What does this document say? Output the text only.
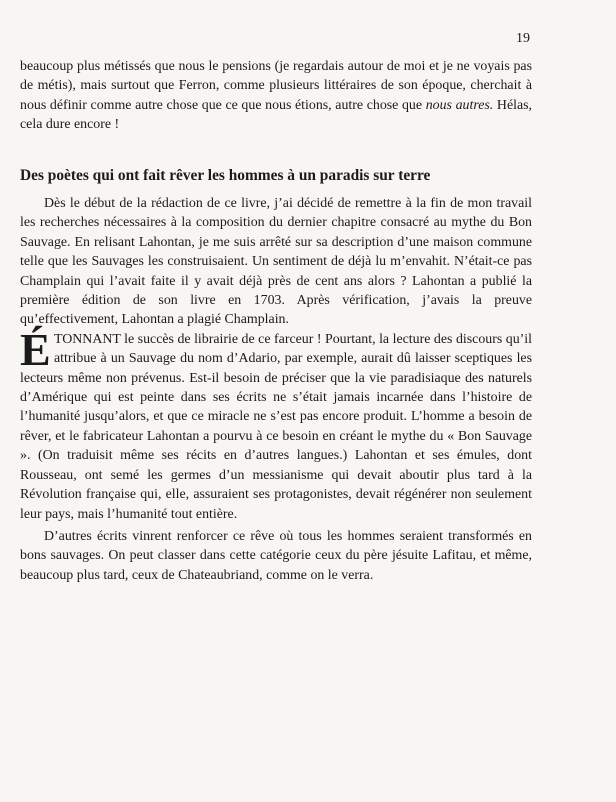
19

beaucoup plus métissés que nous le pensions (je regardais autour de moi et je ne voyais pas de métis), mais surtout que Ferron, comme plusieurs littéraires de son époque, cherchait à nous définir comme autre chose que ce que nous étions, autre chose que nous autres. Hélas, cela dure encore !

Des poètes qui ont fait rêver les hommes à un paradis sur terre

Dès le début de la rédaction de ce livre, j’ai décidé de remettre à la fin de mon travail les recherches nécessaires à la composition du dernier chapitre consacré au mythe du Bon Sauvage. En relisant Lahontan, je me suis arrêté sur sa description d’une maison commune telle que les Sauvages les construisaient. Un sentiment de déjà lu m’envahit. N’était-ce pas Champlain qui l’avait faite il y avait déjà près de cent ans alors ? Lahontan a publié la première édition de son livre en 1703. Après vérification, j’avais la preuve qu’effectivement, Lahontan a plagié Champlain.

É TONNANT le succès de librairie de ce farceur ! Pourtant, la lecture des discours qu’il attribue à un Sauvage du nom d’Adario, par exemple, aurait dû laisser sceptiques les lecteurs même non prévenus. Est-il besoin de préciser que la vie paradisiaque des naturels d’Amérique qui est peinte dans ses écrits ne s’était jamais incarnée dans l’histoire de l’humanité jusqu’alors, et que ce miracle ne s’est pas encore produit. L’homme a besoin de rêver, et le fabricateur Lahontan a pourvu à ce besoin en créant le mythe du « Bon Sauvage ». (On traduisit même ses récits en d’autres langues.) Lahontan et ses émules, dont Rousseau, ont semé les germes d’un messianisme qui devait aboutir plus tard à la Révolution française qui, elle, assuraient ses protagonistes, devait régénérer non seulement leur pays, mais l’humanité tout entière.

D’autres écrits vinrent renforcer ce rêve où tous les hommes seraient transformés en bons sauvages. On peut classer dans cette catégorie ceux du père jésuite Lafitau, et même, beaucoup plus tard, ceux de Chateaubriand, comme on le verra.
